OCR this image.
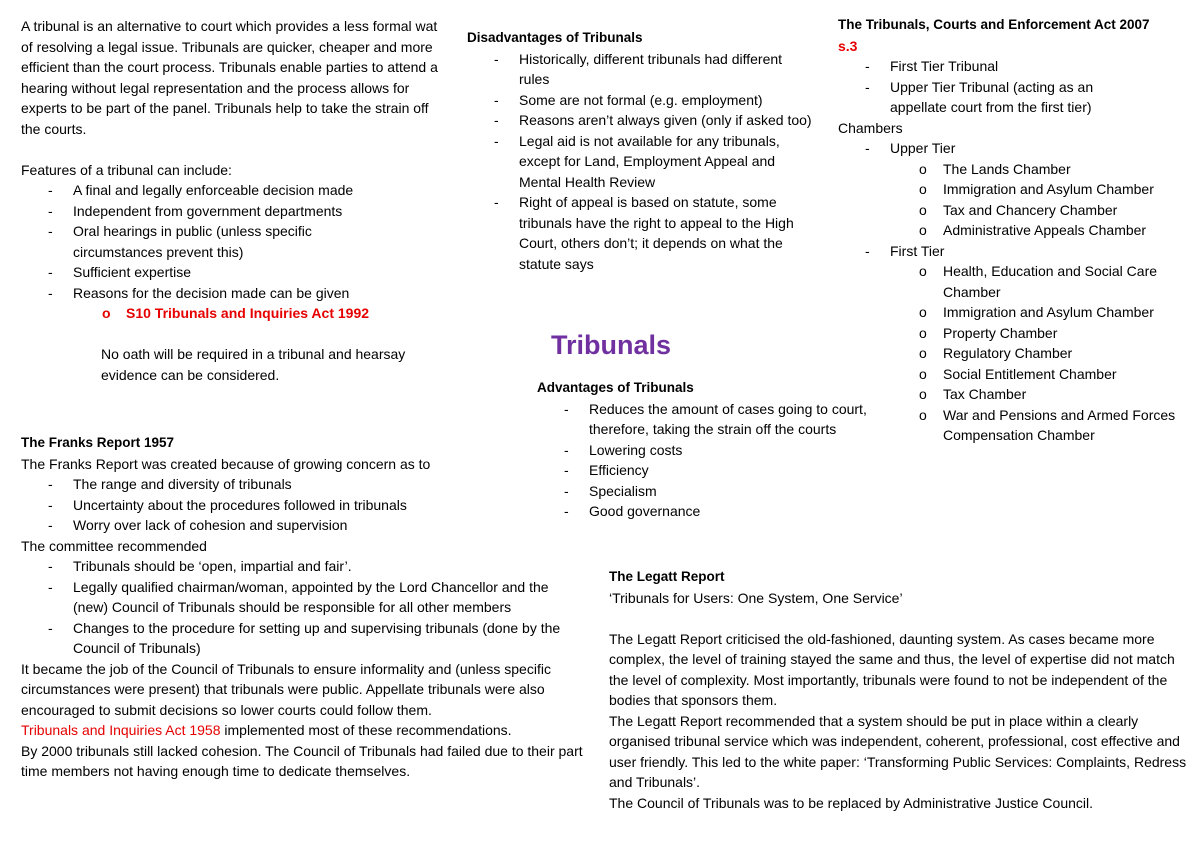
A tribunal is an alternative to court which provides a less formal wat of resolving a legal issue. Tribunals are quicker, cheaper and more efficient than the court process. Tribunals enable parties to attend a hearing without legal representation and the process allows for experts to be part of the panel. Tribunals help to take the strain off the courts.

Features of a tribunal can include:

- A final and legally enforceable decision made
- Independent from government departments
- Oral hearings in public (unless specific circumstances prevent this)
- Sufficient expertise
- Reasons for the decision made can be given
o S10 Tribunals and Inquiries Act 1992

No oath will be required in a tribunal and hearsay evidence can be considered.

The Franks Report 1957

The Franks Report was created because of growing concern as to

- The range and diversity of tribunals
- Uncertainty about the procedures followed in tribunals
- Worry over lack of cohesion and supervision

The committee recommended

- Tribunals should be ‘open, impartial and fair’.
- Legally qualified chairman/woman, appointed by the Lord Chancellor and the (new) Council of Tribunals should be responsible for all other members
- Changes to the procedure for setting up and supervising tribunals (done by the Council of Tribunals)

It became the job of the Council of Tribunals to ensure informality and (unless specific circumstances were present) that tribunals were public. Appellate tribunals were also encouraged to submit decisions so lower courts could follow them.

Tribunals and Inquiries Act 1958 implemented most of these recommendations.

By 2000 tribunals still lacked cohesion. The Council of Tribunals had failed due to their part time members not having enough time to dedicate themselves.

Disadvantages of Tribunals

- Historically, different tribunals had different rules
- Some are not formal (e.g. employment)
- Reasons aren’t always given (only if asked too)
- Legal aid is not available for any tribunals, except for Land, Employment Appeal and Mental Health Review
- Right of appeal is based on statute, some tribunals have the right to appeal to the High Court, others don’t; it depends on what the statute says
Tribunals

Advantages of Tribunals

- Reduces the amount of cases going to court, therefore, taking the strain off the courts
- Lowering costs
- Efficiency
- Specialism
- Good governance

The Legatt Report

‘Tribunals for Users: One System, One Service’

The Legatt Report criticised the old-fashioned, daunting system. As cases became more complex, the level of training stayed the same and thus, the level of expertise did not match the level of complexity. Most importantly, tribunals were found to not be independent of the bodies that sponsors them.

The Legatt Report recommended that a system should be put in place within a clearly organised tribunal service which was independent, coherent, professional, cost effective and user friendly. This led to the white paper: ‘Transforming Public Services: Complaints, Redress and Tribunals’.

The Council of Tribunals was to be replaced by Administrative Justice Council.

The Tribunals, Courts and Enforcement Act 2007

s.3

- First Tier Tribunal
- Upper Tier Tribunal (acting as an appellate court from the first tier)

Chambers

- Upper Tier
o The Lands Chamber
o Immigration and Asylum Chamber
o Tax and Chancery Chamber
o Administrative Appeals Chamber
- First Tier
o Health, Education and Social Care Chamber
o Immigration and Asylum Chamber
o Property Chamber
o Regulatory Chamber
o Social Entitlement Chamber
o Tax Chamber
o War and Pensions and Armed Forces Compensation Chamber
